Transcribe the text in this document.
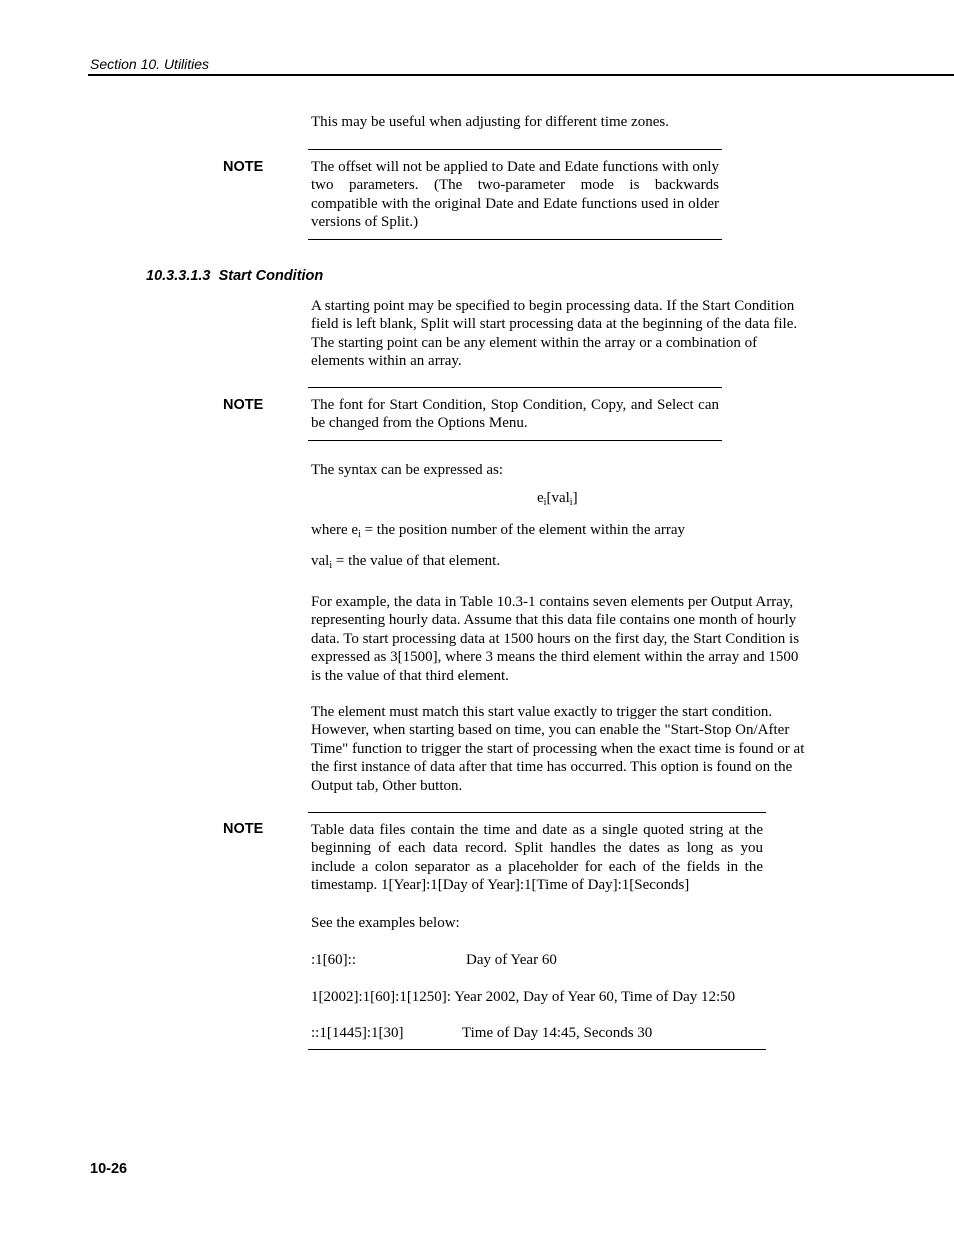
Section 10. Utilities

This may be useful when adjusting for different time zones.

NOTE	The offset will not be applied to Date and Edate functions with only two parameters. (The two-parameter mode is backwards compatible with the original Date and Edate functions used in older versions of Split.)

10.3.3.1.3 Start Condition

A starting point may be specified to begin processing data. If the Start Condition field is left blank, Split will start processing data at the beginning of the data file. The starting point can be any element within the array or a combination of elements within an array.

NOTE	The font for Start Condition, Stop Condition, Copy, and Select can be changed from the Options Menu.

The syntax can be expressed as:

$e_i[val_i]$

where $e_i$ = the position number of the element within the array

val$_i$ = the value of that element.

For example, the data in Table 10.3-1 contains seven elements per Output Array, representing hourly data. Assume that this data file contains one month of hourly data. To start processing data at 1500 hours on the first day, the Start Condition is expressed as 3[1500], where 3 means the third element within the array and 1500 is the value of that third element.

The element must match this start value exactly to trigger the start condition. However, when starting based on time, you can enable the "Start-Stop On/After Time" function to trigger the start of processing when the exact time is found or at the first instance of data after that time has occurred. This option is found on the Output tab, Other button.

NOTE	Table data files contain the time and date as a single quoted string at the beginning of each data record. Split handles the dates as long as you include a colon separator as a placeholder for each of the fields in the timestamp. 1[Year]:1[Day of Year]:1[Time of Day]:1[Seconds]

See the examples below:

:1[60]::	Day of Year 60
1[2002]:1[60]:1[1250]: Year 2002, Day of Year 60, Time of Day 12:50
::1[1445]:1[30]	Time of Day 14:45, Seconds 30
10-26
